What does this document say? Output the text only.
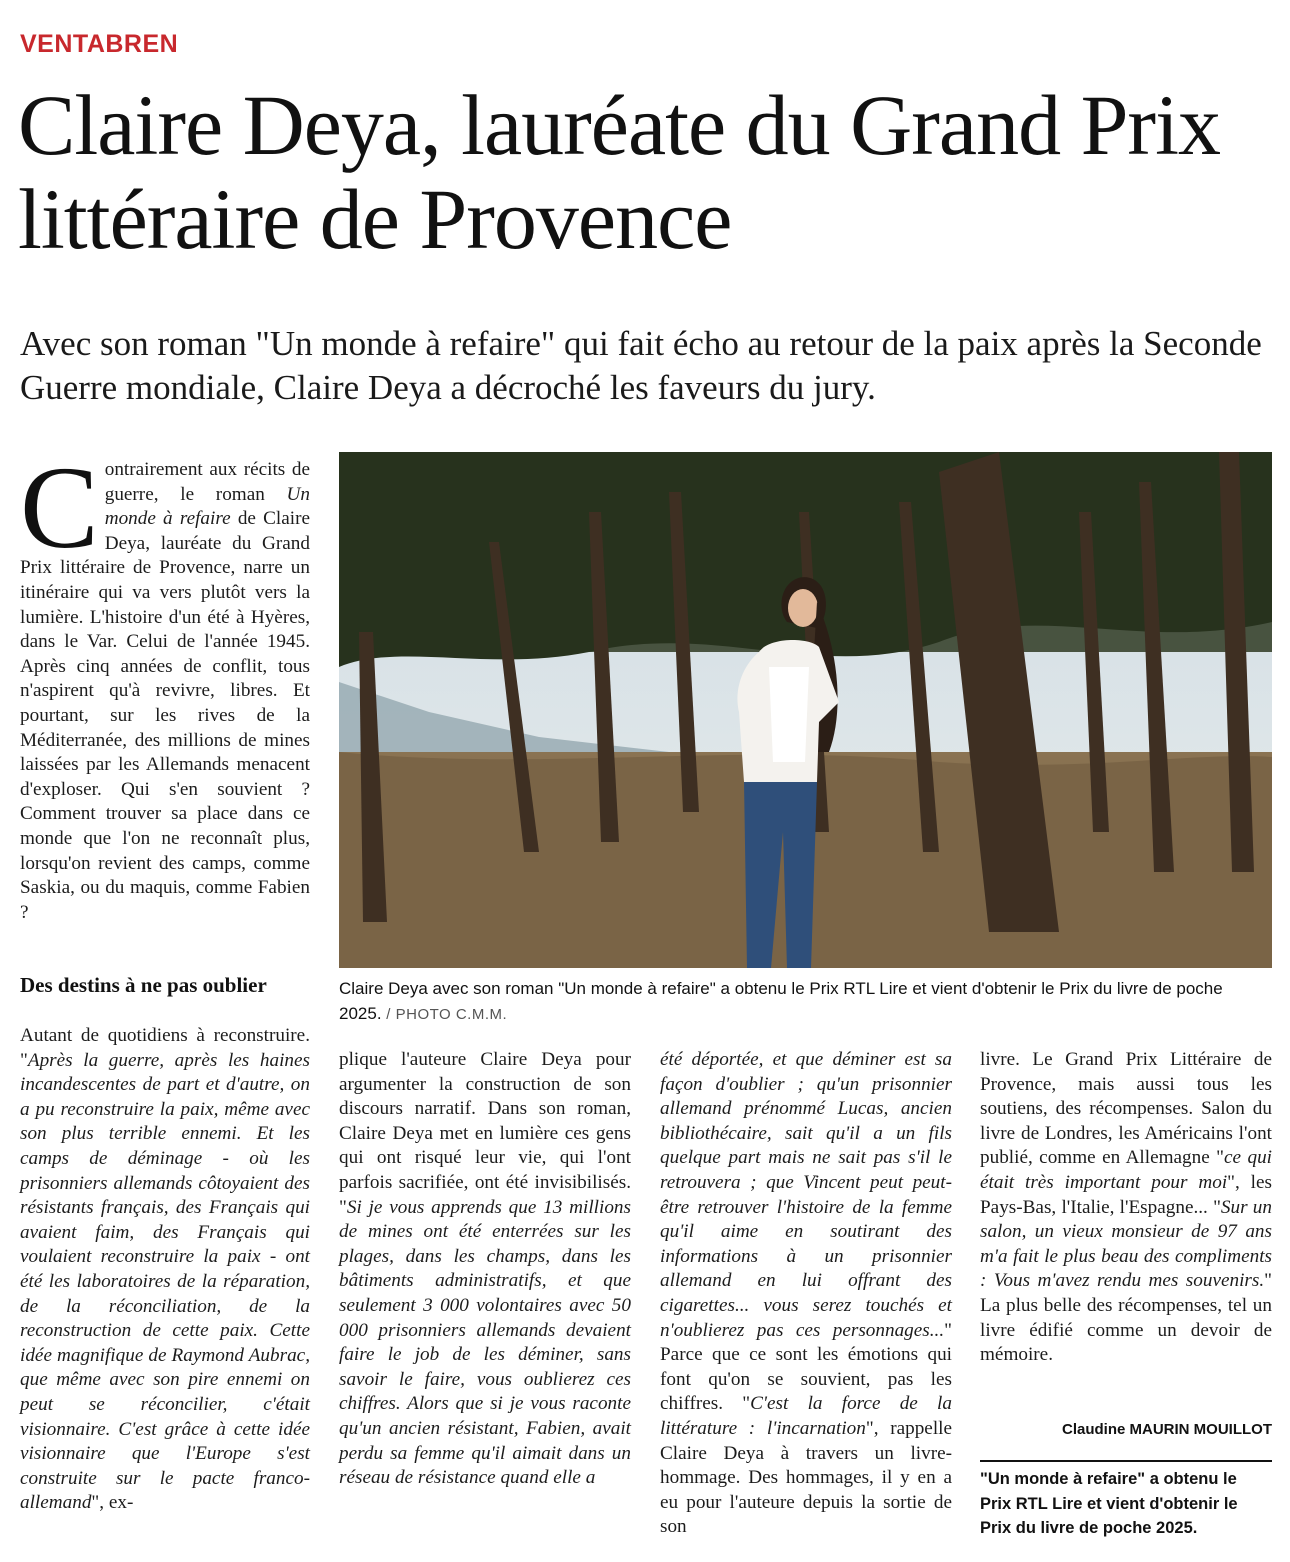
VENTABREN
Claire Deya, lauréate du Grand Prix littéraire de Provence
Avec son roman "Un monde à refaire" qui fait écho au retour de la paix après la Seconde Guerre mondiale, Claire Deya a décroché les faveurs du jury.
C ontrairement aux récits de guerre, le roman Un monde à refaire de Claire Deya, lauréate du Grand Prix littéraire de Provence, narre un itinéraire qui va vers plutôt vers la lumière. L'histoire d'un été à Hyères, dans le Var. Celui de l'année 1945. Après cinq années de conflit, tous n'aspirent qu'à revivre, libres. Et pourtant, sur les rives de la Méditerranée, des millions de mines laissées par les Allemands menacent d'exploser. Qui s'en souvient ? Comment trouver sa place dans ce monde que l'on ne reconnaît plus, lorsqu'on revient des camps, comme Saskia, ou du maquis, comme Fabien ?

Des destins à ne pas oublier

Autant de quotidiens à reconstruire. "Après la guerre, après les haines incandescentes de part et d'autre, on a pu reconstruire la paix, même avec son plus terrible ennemi. Et les camps de déminage - où les prisonniers allemands côtoyaient des résistants français, des Français qui avaient faim, des Français qui voulaient reconstruire la paix - ont été les laboratoires de la réparation, de la réconciliation, de la reconstruction de cette paix. Cette idée magnifique de Raymond Aubrac, que même avec son pire ennemi on peut se réconcilier, c'était visionnaire. C'est grâce à cette idée visionnaire que l'Europe s'est construite sur le pacte franco-allemand", ex-

Claire Deya avec son roman "Un monde à refaire" a obtenu le Prix RTL Lire et vient d'obtenir le Prix du livre de poche 2025. / PHOTO C.M.M.

plique l'auteure Claire Deya pour argumenter la construction de son discours narratif. Dans son roman, Claire Deya met en lumière ces gens qui ont risqué leur vie, qui l'ont parfois sacrifiée, ont été invisibilisés. "Si je vous apprends que 13 millions de mines ont été enterrées sur les plages, dans les champs, dans les bâtiments administratifs, et que seulement 3 000 volontaires avec 50 000 prisonniers allemands devaient faire le job de les déminer, sans savoir le faire, vous oublierez ces chiffres. Alors que si je vous raconte qu'un ancien résistant, Fabien, avait perdu sa femme qu'il aimait dans un réseau de résistance quand elle a

été déportée, et que déminer est sa façon d'oublier ; qu'un prisonnier allemand prénommé Lucas, ancien bibliothécaire, sait qu'il a un fils quelque part mais ne sait pas s'il le retrouvera ; que Vincent peut peut-être retrouver l'histoire de la femme qu'il aime en soutirant des informations à un prisonnier allemand en lui offrant des cigarettes... vous serez touchés et n'oublierez pas ces personnages..." Parce que ce sont les émotions qui font qu'on se souvient, pas les chiffres. "C'est la force de la littérature : l'incarnation", rappelle Claire Deya à travers un livre-hommage. Des hommages, il y en a eu pour l'auteure depuis la sortie de son

livre. Le Grand Prix Littéraire de Provence, mais aussi tous les soutiens, des récompenses. Salon du livre de Londres, les Américains l'ont publié, comme en Allemagne "ce qui était très important pour moi", les Pays-Bas, l'Italie, l'Espagne... "Sur un salon, un vieux monsieur de 97 ans m'a fait le plus beau des compliments : Vous m'avez rendu mes souvenirs." La plus belle des récompenses, tel un livre édifié comme un devoir de mémoire.

Claudine MAURIN MOUILLOT
"Un monde à refaire" a obtenu le Prix RTL Lire et vient d'obtenir le Prix du livre de poche 2025.
